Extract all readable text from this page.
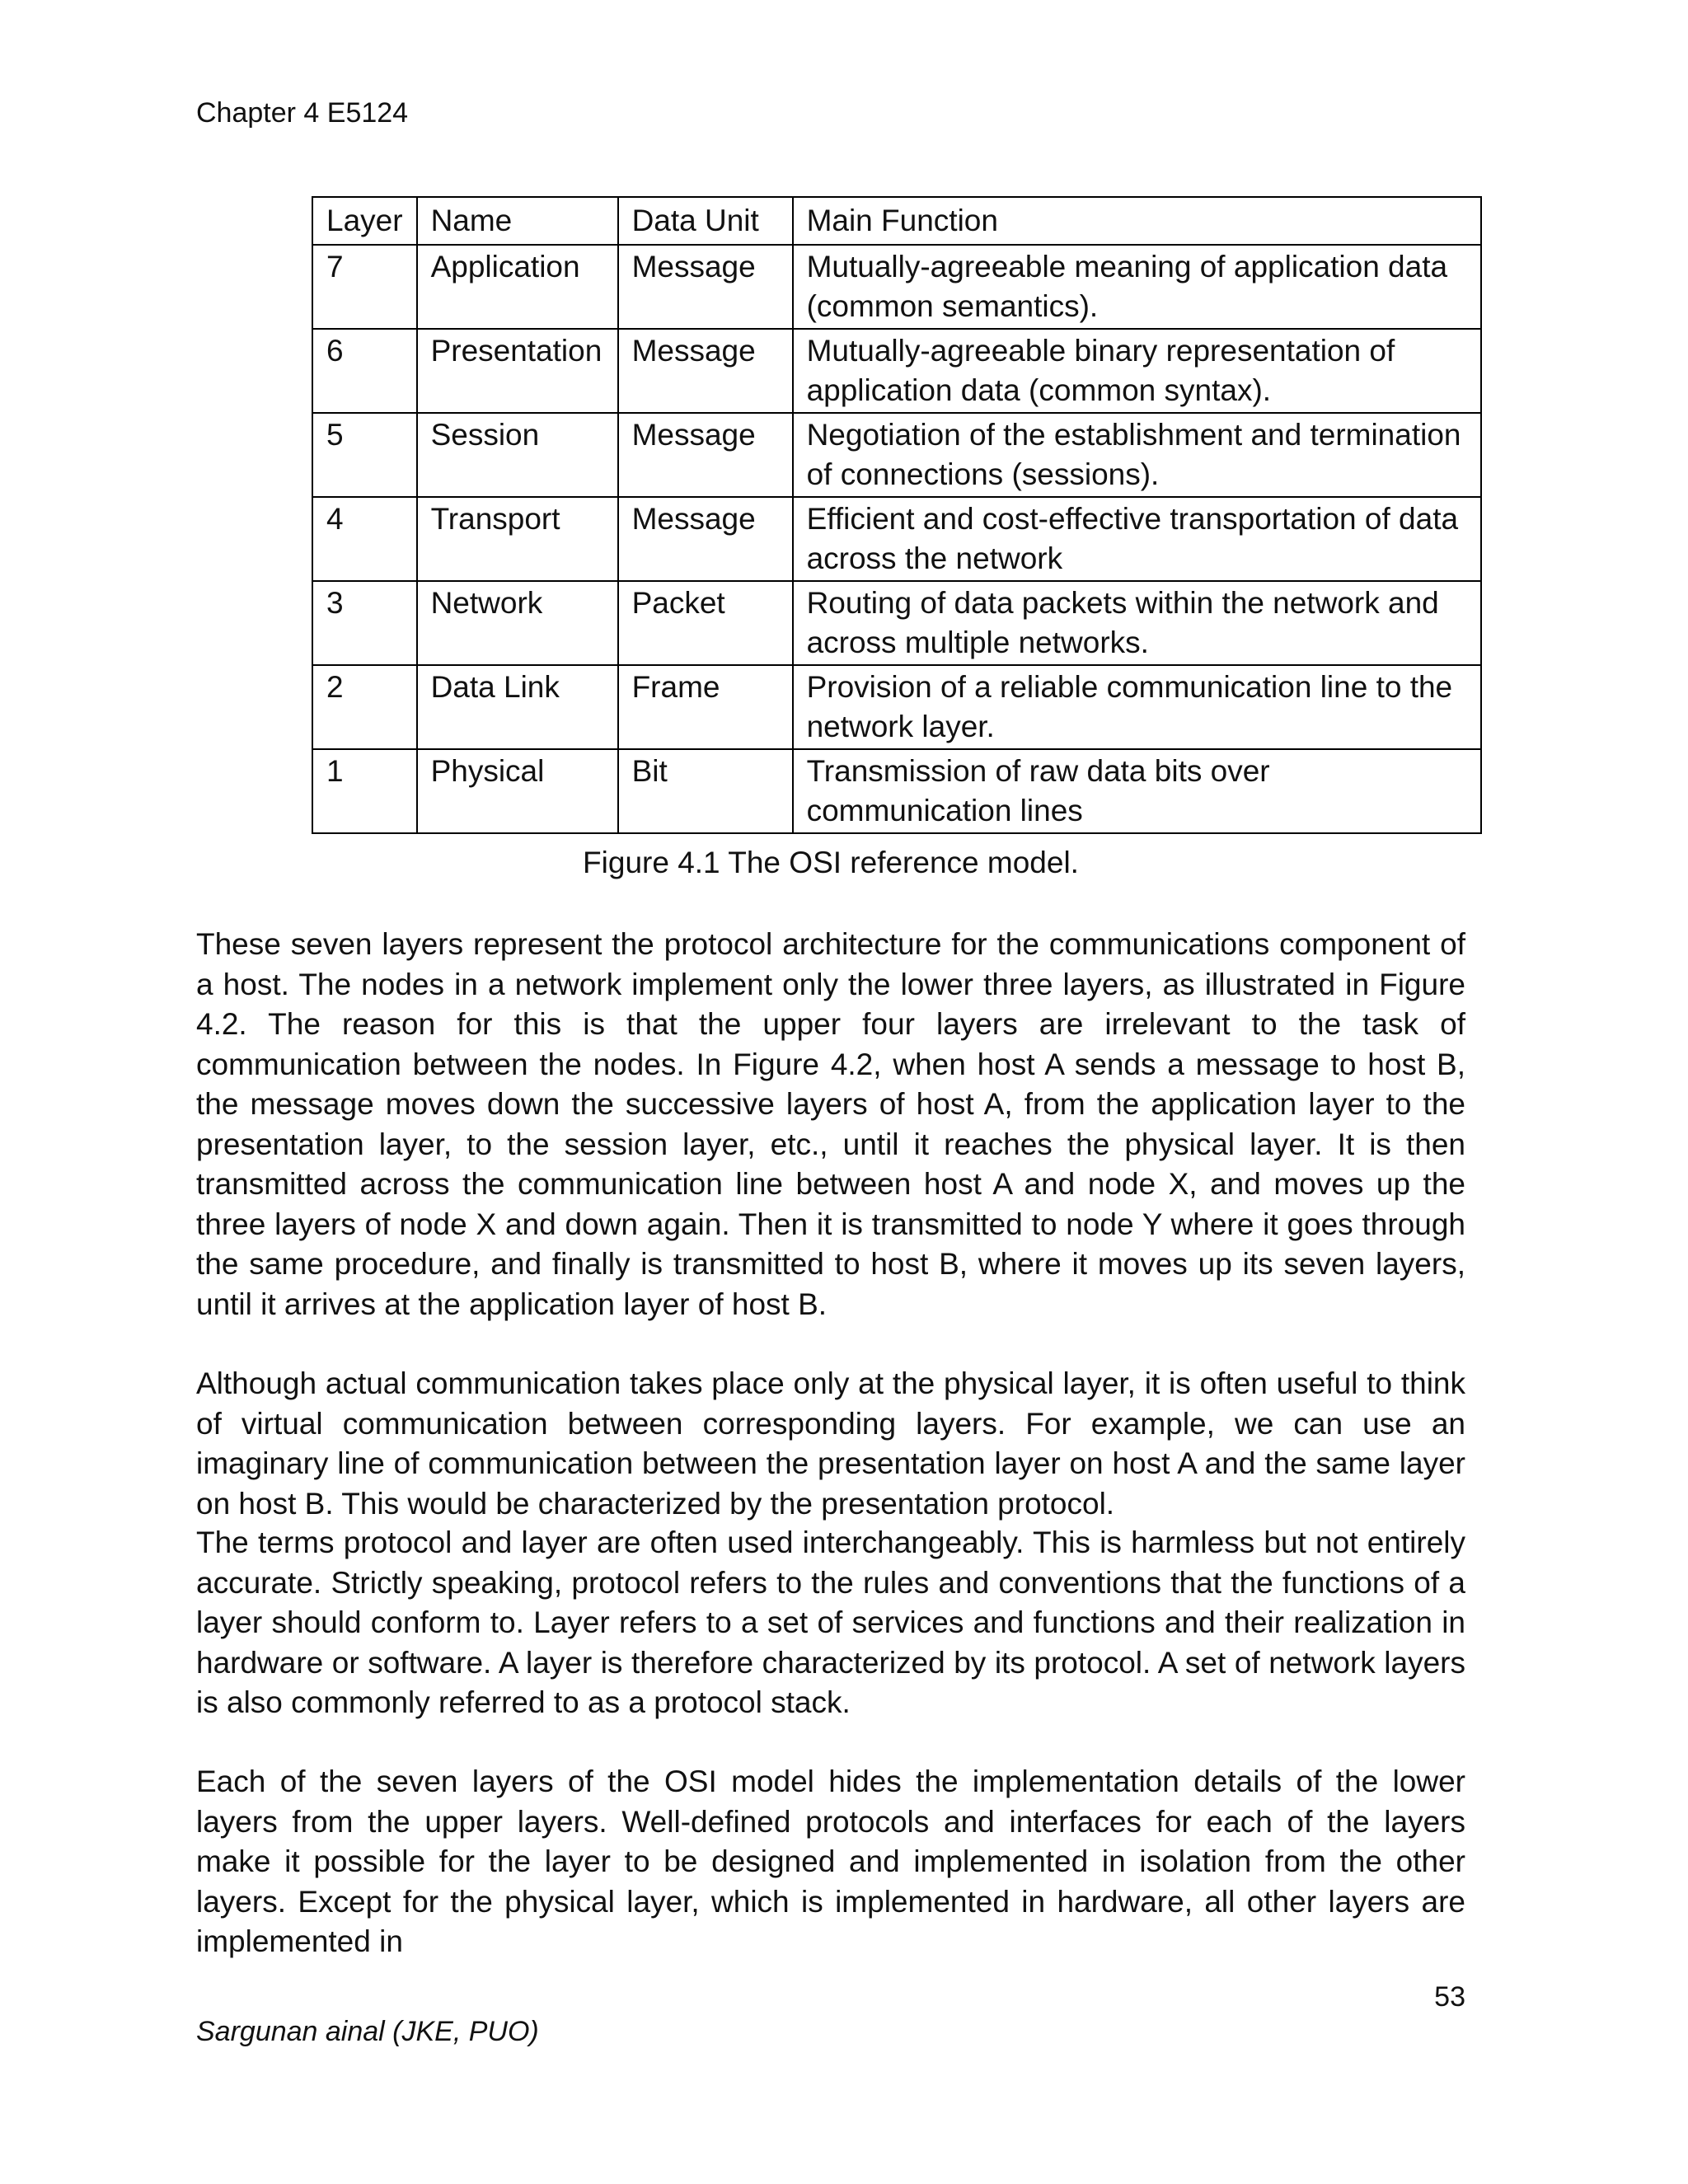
Chapter 4 E5124
Layer	Name	Data Unit	Main Function
7	Application	Message	Mutually-agreeable meaning of application data (common semantics).
6	Presentation	Message	Mutually-agreeable binary representation of application data (common syntax).
5	Session	Message	Negotiation of the establishment and termination of connections (sessions).
4	Transport	Message	Efficient and cost-effective transportation of data across the network
3	Network	Packet	Routing of data packets within the network and across multiple networks.
2	Data Link	Frame	Provision of a reliable communication line to the network layer.
1	Physical	Bit	Transmission of raw data bits over communication lines
Figure 4.1 The OSI reference model.

These seven layers represent the protocol architecture for the communications component of a host. The nodes in a network implement only the lower three layers, as illustrated in Figure 4.2. The reason for this is that the upper four layers are irrelevant to the task of communication between the nodes. In Figure 4.2, when host A sends a message to host B, the message moves down the successive layers of host A, from the application layer to the presentation layer, to the session layer, etc., until it reaches the physical layer. It is then transmitted across the communication line between host A and node X, and moves up the three layers of node X and down again. Then it is transmitted to node Y where it goes through the same procedure, and finally is transmitted to host B, where it moves up its seven layers, until it arrives at the application layer of host B.

Although actual communication takes place only at the physical layer, it is often useful to think of virtual communication between corresponding layers. For example, we can use an imaginary line of communication between the presentation layer on host A and the same layer on host B. This would be characterized by the presentation protocol.

The terms protocol and layer are often used interchangeably. This is harmless but not entirely accurate. Strictly speaking, protocol refers to the rules and conventions that the functions of a layer should conform to. Layer refers to a set of services and functions and their realization in hardware or software. A layer is therefore characterized by its protocol. A set of network layers is also commonly referred to as a protocol stack.

Each of the seven layers of the OSI model hides the implementation details of the lower layers from the upper layers. Well-defined protocols and interfaces for each of the layers make it possible for the layer to be designed and implemented in isolation from the other layers. Except for the physical layer, which is implemented in hardware, all other layers are implemented in

53
Sargunan ainal (JKE, PUO)
